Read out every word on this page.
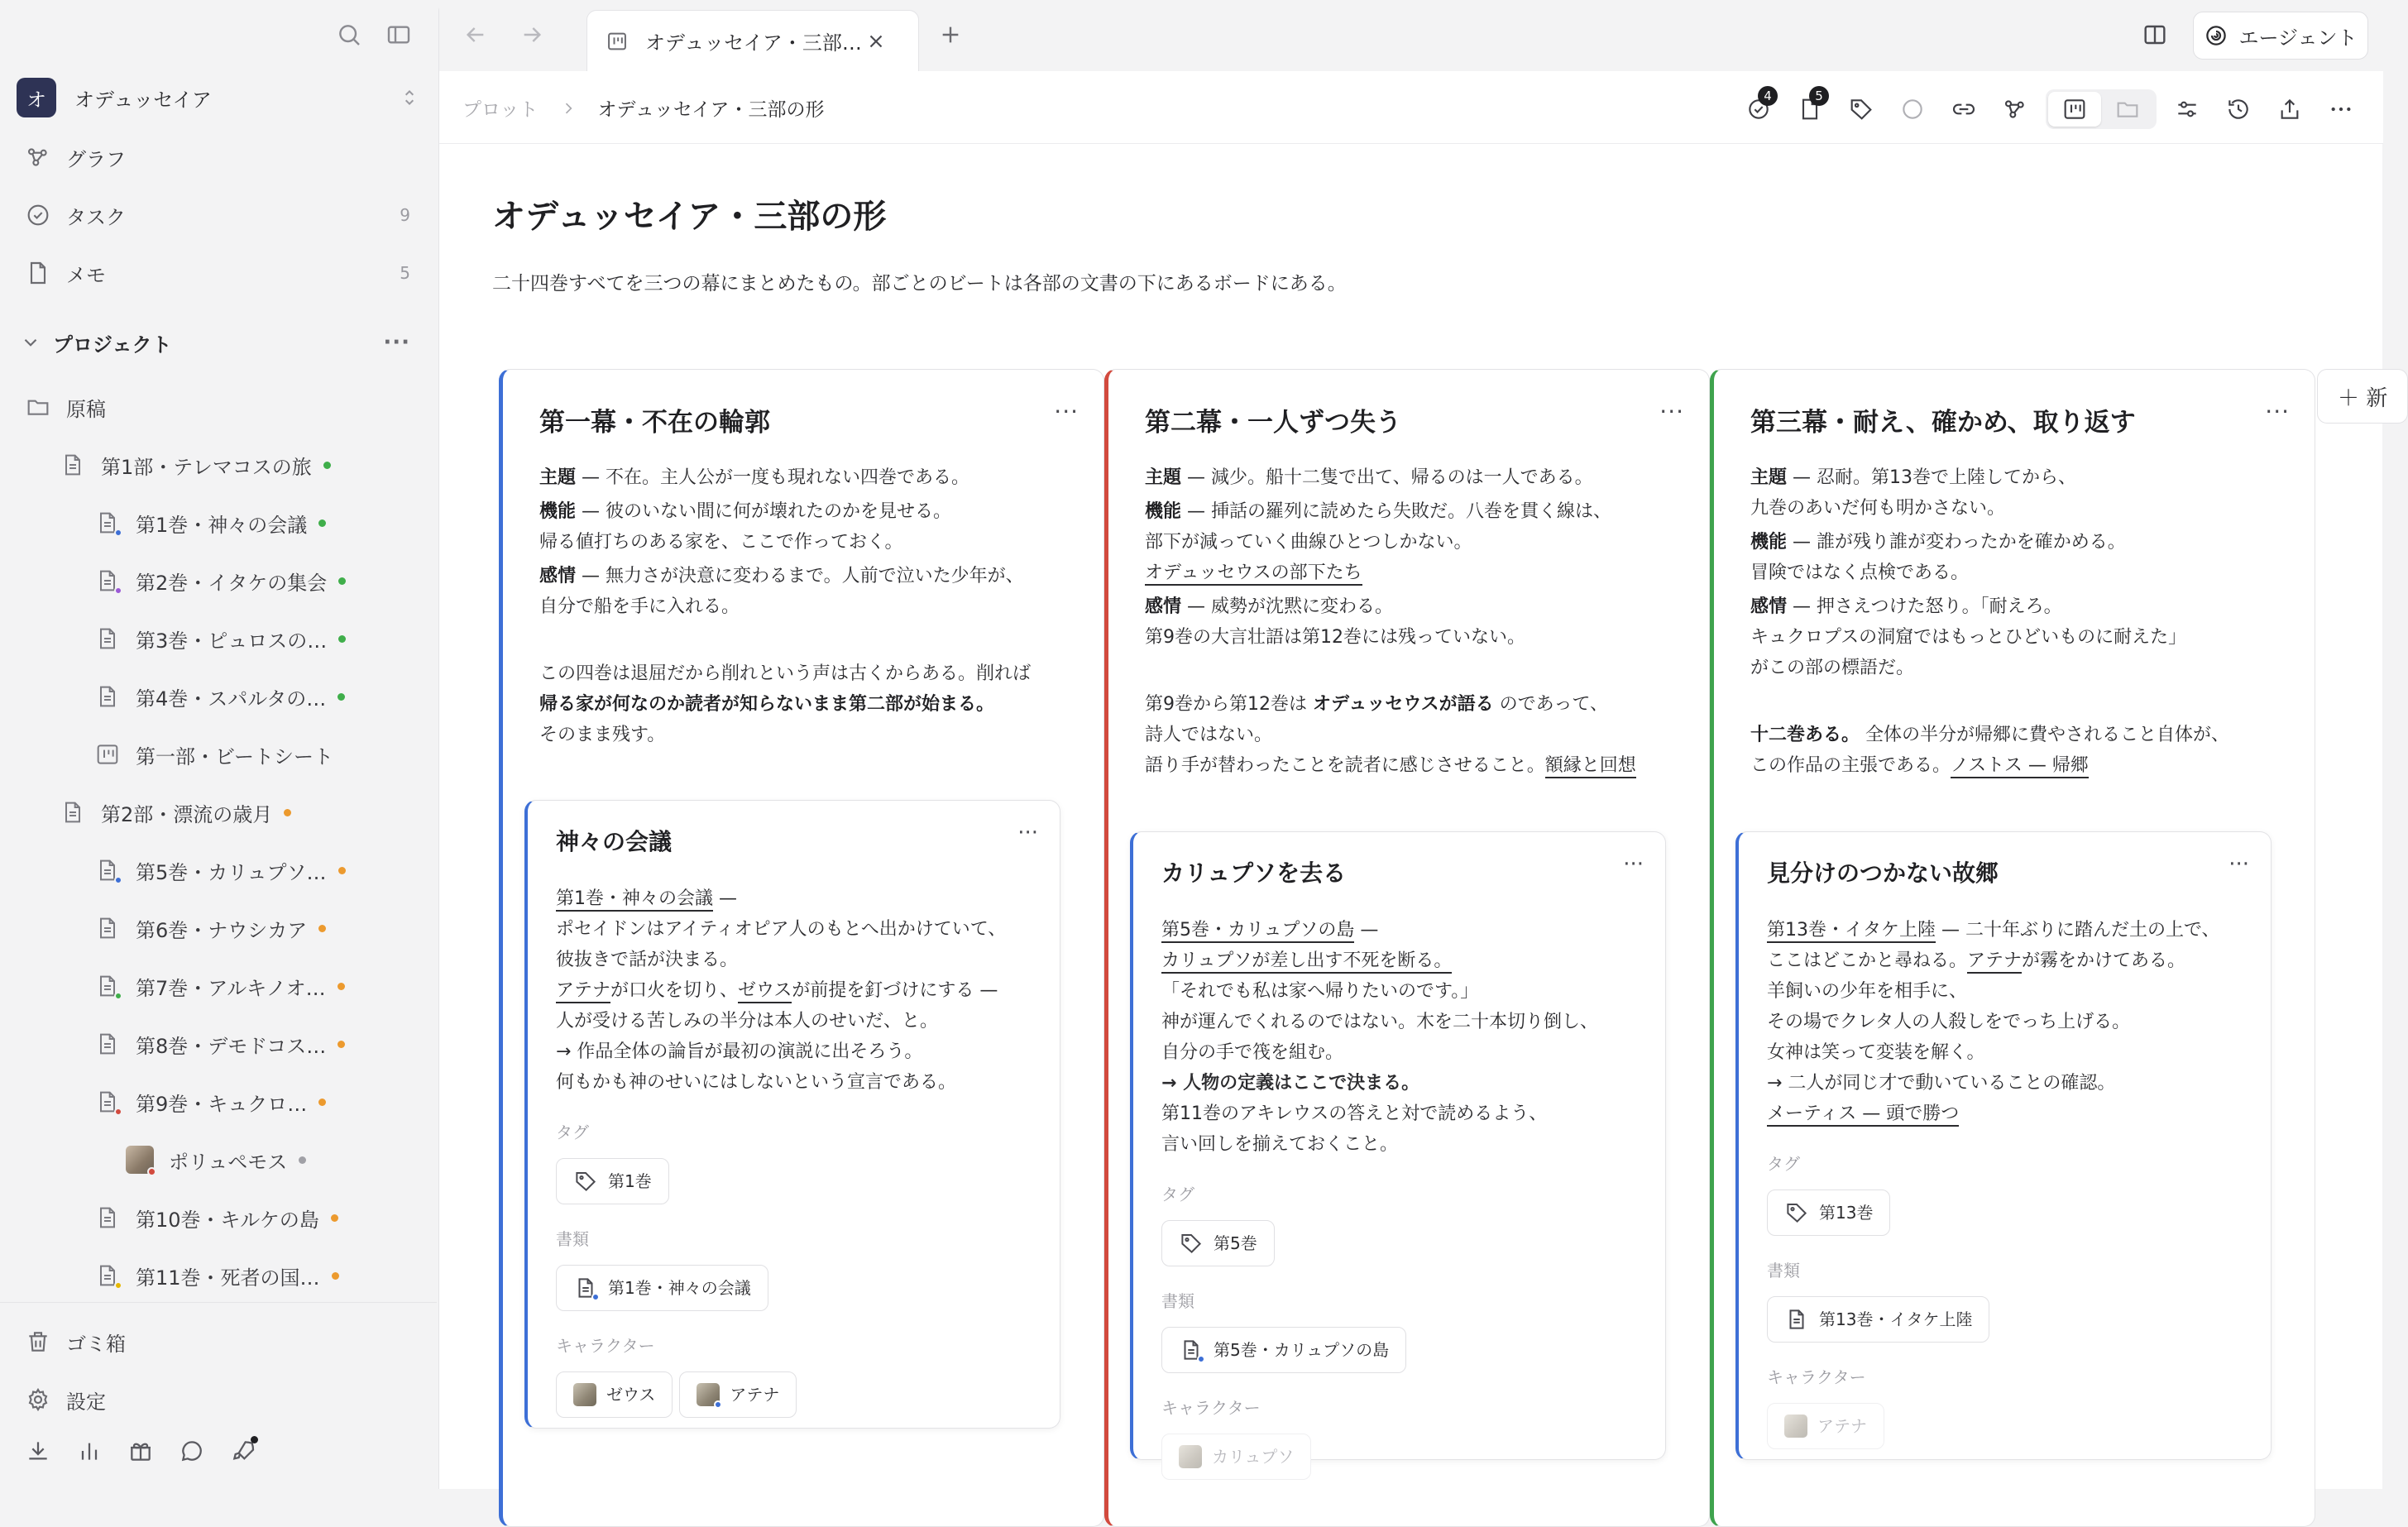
オ	オデュッセイア
グラフ
タスク	9
メモ	5
プロジェクト	···
原稿
第1部・テレマコスの旅
第1巻・神々の会議
第2巻・イタケの集会
第3巻・ピュロスの…
第4巻・スパルタの…
第一部・ビートシート
第2部・漂流の歳月
第5巻・カリュプソ…
第6巻・ナウシカア
第7巻・アルキノオ…
第8巻・デモドコス…
第9巻・キュクロ…
ポリュペモス
第10巻・キルケの島
第11巻・死者の国…
ゴミ箱
設定
オデュッセイア・三部…	エージェント
プロット	オデュッセイア・三部の形
4	5
オデュッセイア・三部の形

二十四巻すべてを三つの幕にまとめたもの。部ごとのビートは各部の文書の下にあるボードにある。

第一幕・不在の輪郭	···

主題 — 不在。主人公が一度も現れない四巻である。

機能 — 彼のいない間に何が壊れたのかを見せる。
帰る値打ちのある家を、ここで作っておく。

感情 — 無力さが決意に変わるまで。人前で泣いた少年が、
自分で船を手に入れる。

この四巻は退屈だから削れという声は古くからある。削れば
帰る家が何なのか読者が知らないまま第二部が始まる。
そのまま残す。

神々の会議	···
第1巻・神々の会議 —
ポセイドンはアイティオピア人のもとへ出かけていて、
彼抜きで話が決まる。
アテナが口火を切り、ゼウスが前提を釘づけにする —
人が受ける苦しみの半分は本人のせいだ、と。
→ 作品全体の論旨が最初の演説に出そろう。
何もかも神のせいにはしないという宣言である。
タグ
第1巻
書類
第1巻・神々の会議
キャラクター
ゼウス	アテナ
第二幕・一人ずつ失う	···

主題 — 減少。船十二隻で出て、帰るのは一人である。

機能 — 挿話の羅列に読めたら失敗だ。八巻を貫く線は、
部下が減っていく曲線ひとつしかない。
オデュッセウスの部下たち

感情 — 威勢が沈黙に変わる。
第9巻の大言壮語は第12巻には残っていない。

第9巻から第12巻は オデュッセウスが語る のであって、
詩人ではない。
語り手が替わったことを読者に感じさせること。額縁と回想

カリュプソを去る	···
第5巻・カリュプソの島 —
カリュプソが差し出す不死を断る。
「それでも私は家へ帰りたいのです。」
神が運んでくれるのではない。木を二十本切り倒し、
自分の手で筏を組む。
→ 人物の定義はここで決まる。
第11巻のアキレウスの答えと対で読めるよう、
言い回しを揃えておくこと。
タグ
第5巻
書類
第5巻・カリュプソの島
キャラクター
カリュプソ
第三幕・耐え、確かめ、取り返す	···

主題 — 忍耐。第13巻で上陸してから、
九巻のあいだ何も明かさない。

機能 — 誰が残り誰が変わったかを確かめる。
冒険ではなく点検である。

感情 — 押さえつけた怒り。「耐えろ。
キュクロプスの洞窟ではもっとひどいものに耐えた」
がこの部の標語だ。

十二巻ある。 全体の半分が帰郷に費やされること自体が、
この作品の主張である。ノストス — 帰郷

見分けのつかない故郷	···
第13巻・イタケ上陸 — 二十年ぶりに踏んだ土の上で、
ここはどこかと尋ねる。アテナが霧をかけてある。
羊飼いの少年を相手に、
その場でクレタ人の人殺しをでっち上げる。
女神は笑って変装を解く。
→ 二人が同じ才で動いていることの確認。
メーティス — 頭で勝つ
タグ
第13巻
書類
第13巻・イタケ上陸
キャラクター
アテナ
＋ 新
